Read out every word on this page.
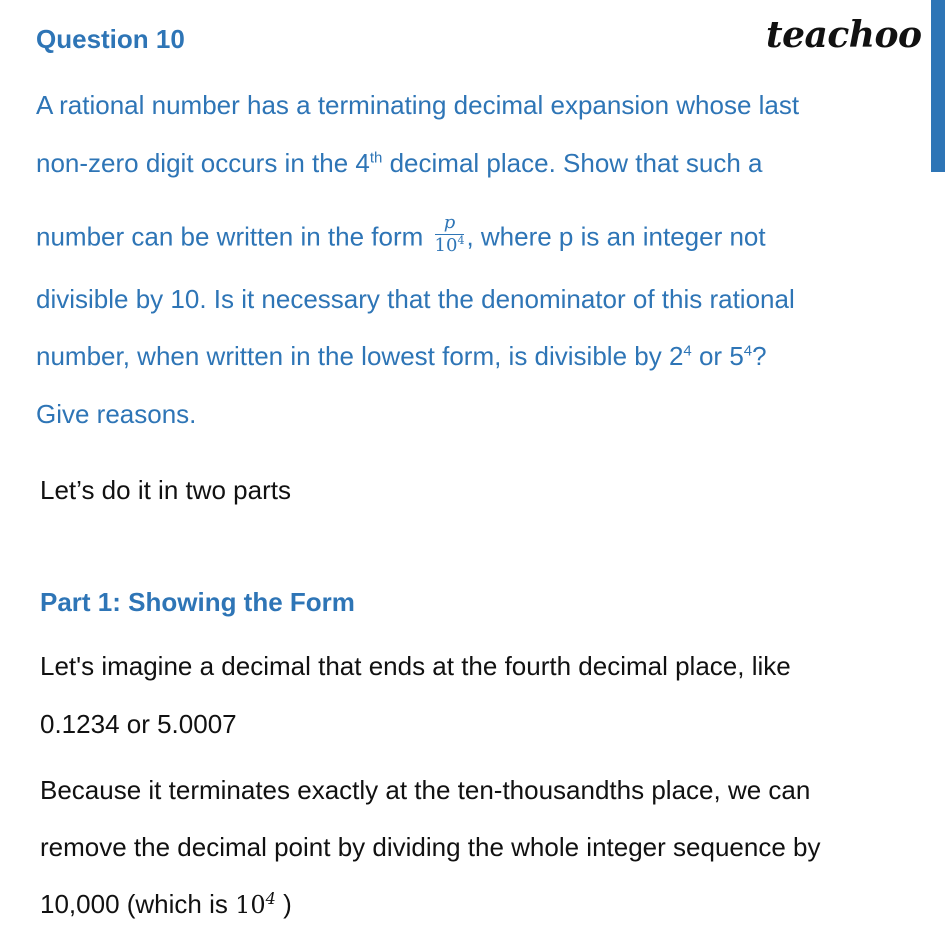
Question 10	teachoo
A rational number has a terminating decimal expansion whose last
non-zero digit occurs in the 4th decimal place. Show that such a
number can be written in the form $\frac{p}{10^4}$ , where p is an integer not
divisible by 10. Is it necessary that the denominator of this rational
number, when written in the lowest form, is divisible by $2^4$ or $5^4$?
Give reasons.
Let’s do it in two parts
Part 1: Showing the Form
Let's imagine a decimal that ends at the fourth decimal place, like
0.1234 or 5.0007
Because it terminates exactly at the ten-thousandths place, we can
remove the decimal point by dividing the whole integer sequence by
10,000 (which is $10^4$ )
